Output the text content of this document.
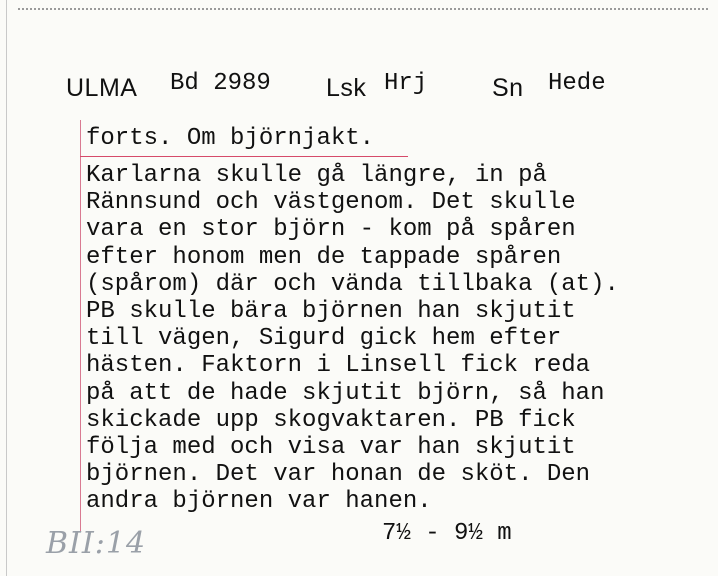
ULMA Bd 2989 Lsk Hrj	Sn Hede
forts. Om björnjakt.
Karlarna skulle gå längre, in på
Rännsund och västgenom. Det skulle
vara en stor björn - kom på spåren
efter honom men de tappade spåren
(spårom) där och vända tillbaka (at).
PB skulle bära björnen han skjutit
till vägen, Sigurd gick hem efter
hästen. Faktorn i Linsell fick reda
på att de hade skjutit björn, så han
skickade upp skogvaktaren. PB fick
följa med och visa var han skjutit
björnen. Det var honan de sköt. Den
andra björnen var hanen.
7½ - 9½ m
BII:14
